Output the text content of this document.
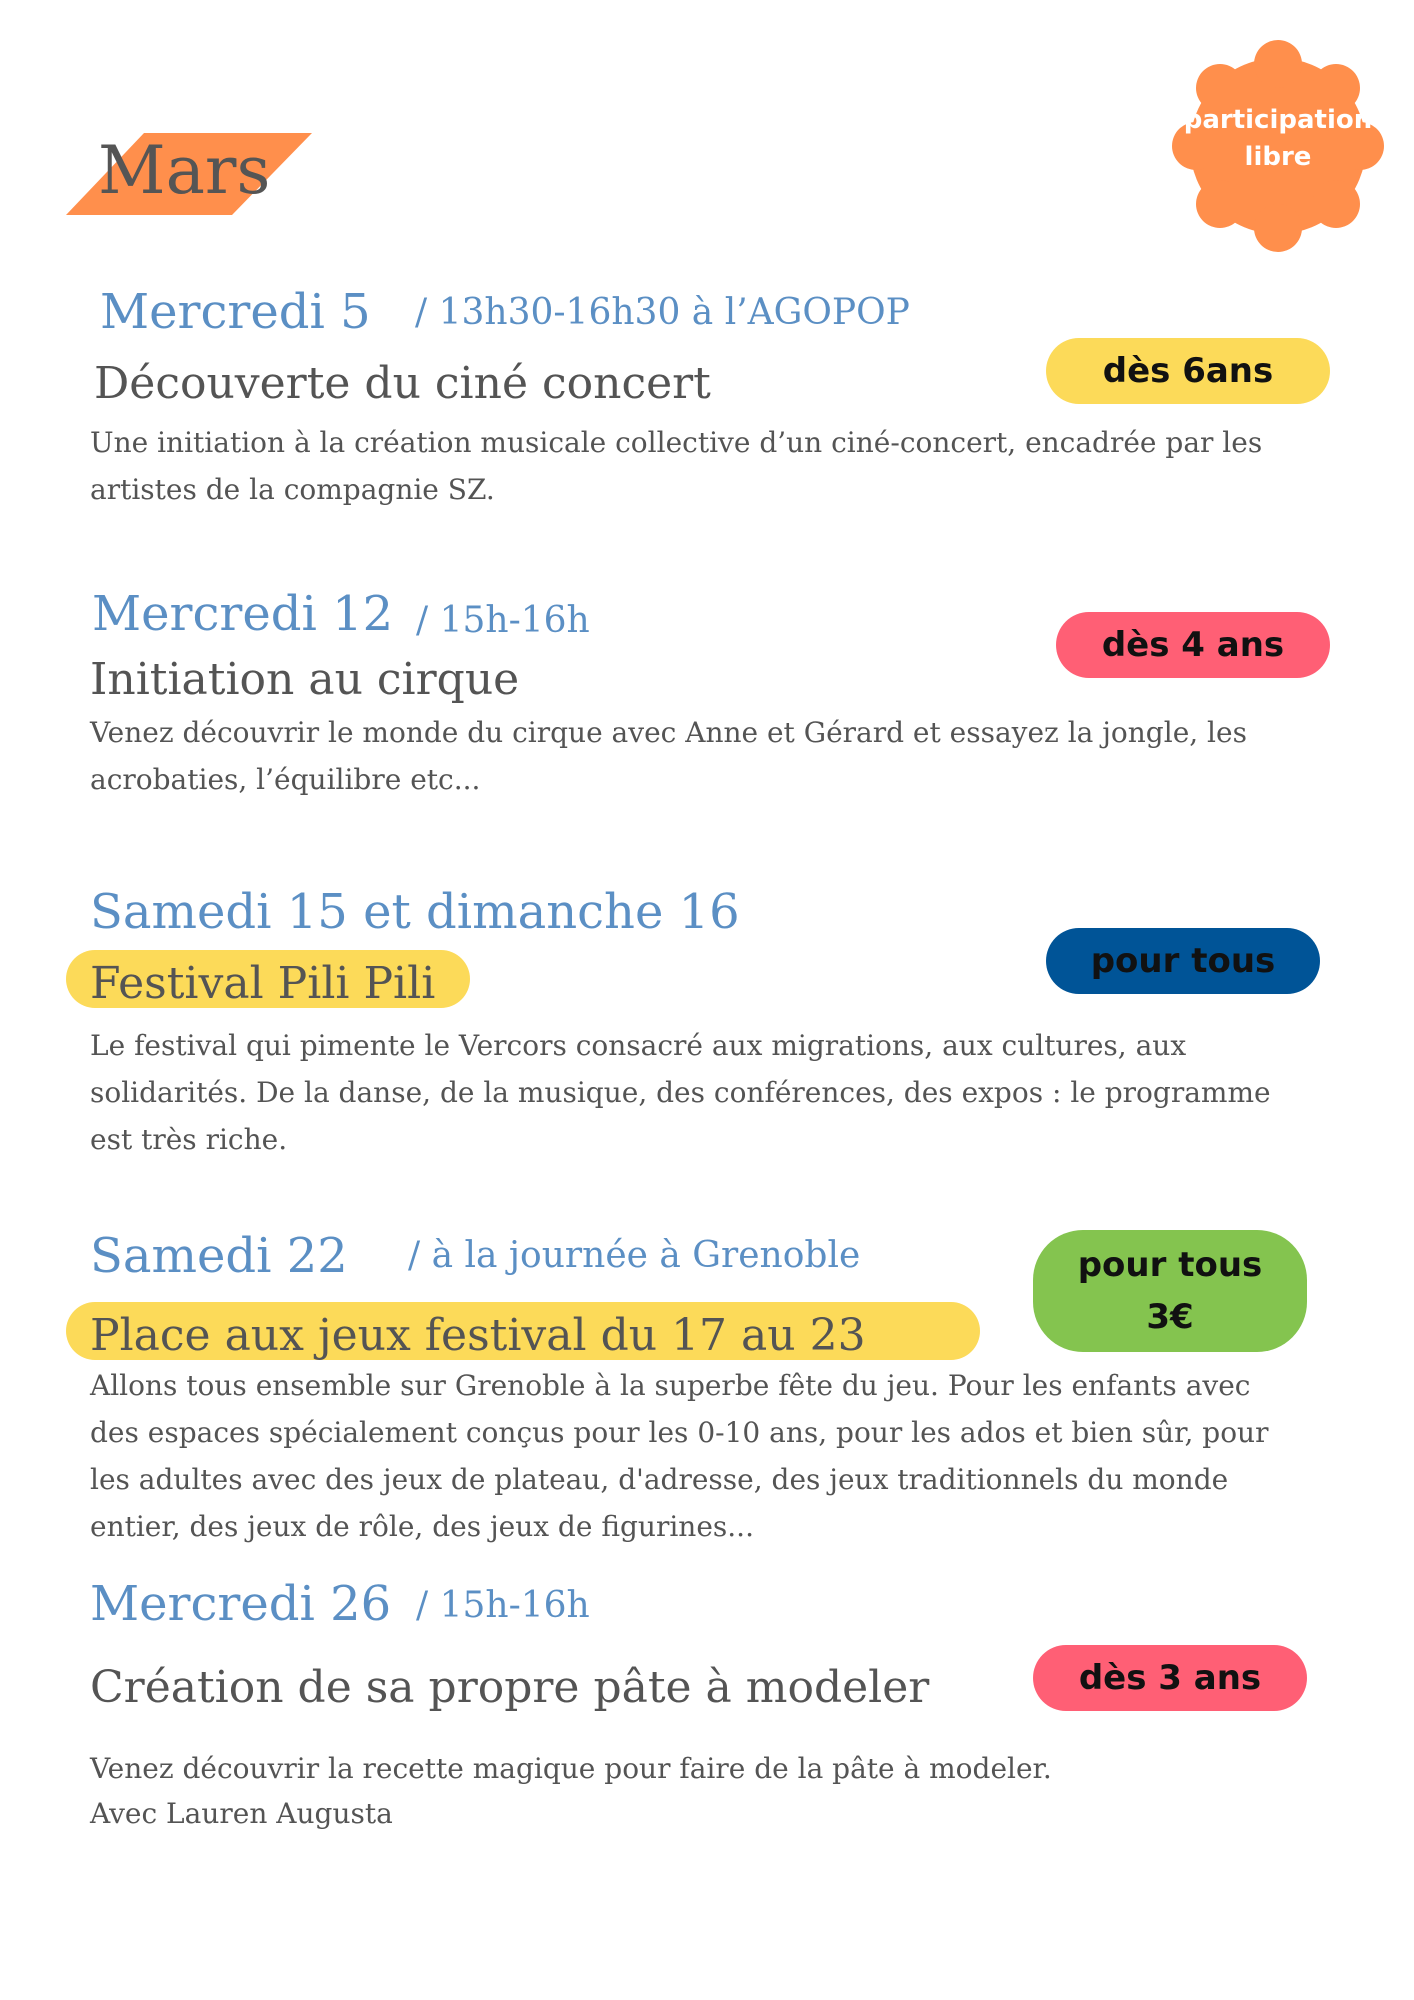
Mars
participation
libre
Mercredi 5 / 13h30-16h30 à l’AGOPOP
Découverte du ciné concert	dès 6ans
Une initiation à la création musicale collective d’un ciné-concert, encadrée par les
artistes de la compagnie SZ.
Mercredi 12 / 15h-16h
Initiation au cirque
dès 4 ans
Venez découvrir le monde du cirque avec Anne et Gérard et essayez la jongle, les
acrobaties, l’équilibre etc...
Samedi 15 et dimanche 16
Festival Pili Pili	pour tous
Le festival qui pimente le Vercors consacré aux migrations, aux cultures, aux
solidarités. De la danse, de la musique, des conférences, des expos : le programme
est très riche.
Samedi 22 / à la journée à Grenoble
Place aux jeux festival du 17 au 23
pour tous
3€
Allons tous ensemble sur Grenoble à la superbe fête du jeu. Pour les enfants avec
des espaces spécialement conçus pour les 0-10 ans, pour les ados et bien sûr, pour
les adultes avec des jeux de plateau, d'adresse, des jeux traditionnels du monde
entier, des jeux de rôle, des jeux de figurines...
Mercredi 26 / 15h-16h
Création de sa propre pâte à modeler	dès 3 ans
Venez découvrir la recette magique pour faire de la pâte à modeler.
Avec Lauren Augusta
